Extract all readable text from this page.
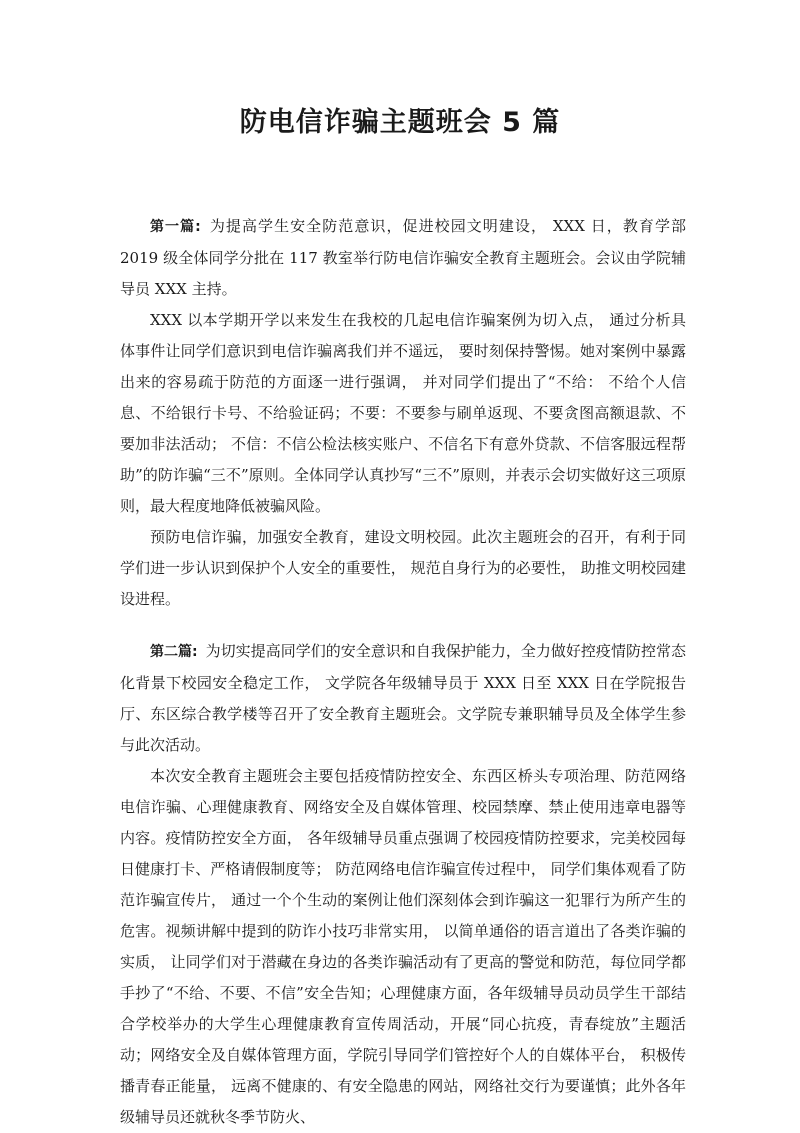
防电信诈骗主题班会 5 篇

第一篇: 为提高学生安全防范意识，促进校园文明建设， XXX 日，教育学部 2019 级全体同学分批在 117 教室举行防电信诈骗安全教育主题班会。会议由学院辅导员 XXX 主持。

XXX 以本学期开学以来发生在我校的几起电信诈骗案例为切入点， 通过分析具体事件让同学们意识到电信诈骗离我们并不遥远， 要时刻保持警惕。她对案例中暴露出来的容易疏于防范的方面逐一进行强调， 并对同学们提出了“不给： 不给个人信息、不给银行卡号、不给验证码；不要：不要参与刷单返现、不要贪图高额退款、不要加非法活动； 不信：不信公检法核实账户、不信名下有意外贷款、不信客服远程帮助”的防诈骗“三不”原则。全体同学认真抄写“三不”原则，并表示会切实做好这三项原则，最大程度地降低被骗风险。

预防电信诈骗，加强安全教育，建设文明校园。此次主题班会的召开，有利于同学们进一步认识到保护个人安全的重要性， 规范自身行为的必要性， 助推文明校园建设进程。

第二篇: 为切实提高同学们的安全意识和自我保护能力，全力做好控疫情防控常态化背景下校园安全稳定工作， 文学院各年级辅导员于 XXX 日至 XXX 日在学院报告厅、东区综合教学楼等召开了安全教育主题班会。文学院专兼职辅导员及全体学生参与此次活动。

本次安全教育主题班会主要包括疫情防控安全、东西区桥头专项治理、防范网络电信诈骗、心理健康教育、网络安全及自媒体管理、校园禁摩、禁止使用违章电器等内容。疫情防控安全方面， 各年级辅导员重点强调了校园疫情防控要求，完美校园每日健康打卡、严格请假制度等； 防范网络电信诈骗宣传过程中， 同学们集体观看了防范诈骗宣传片， 通过一个个生动的案例让他们深刻体会到诈骗这一犯罪行为所产生的危害。视频讲解中提到的防诈小技巧非常实用， 以简单通俗的语言道出了各类诈骗的实质， 让同学们对于潜藏在身边的各类诈骗活动有了更高的警觉和防范，每位同学都手抄了“不给、不要、不信”安全告知；心理健康方面，各年级辅导员动员学生干部结合学校举办的大学生心理健康教育宣传周活动，开展“同心抗疫，青春绽放”主题活动；网络安全及自媒体管理方面，学院引导同学们管控好个人的自媒体平台， 积极传播青春正能量， 远离不健康的、有安全隐患的网站，网络社交行为要谨慎；此外各年级辅导员还就秋冬季节防火、
